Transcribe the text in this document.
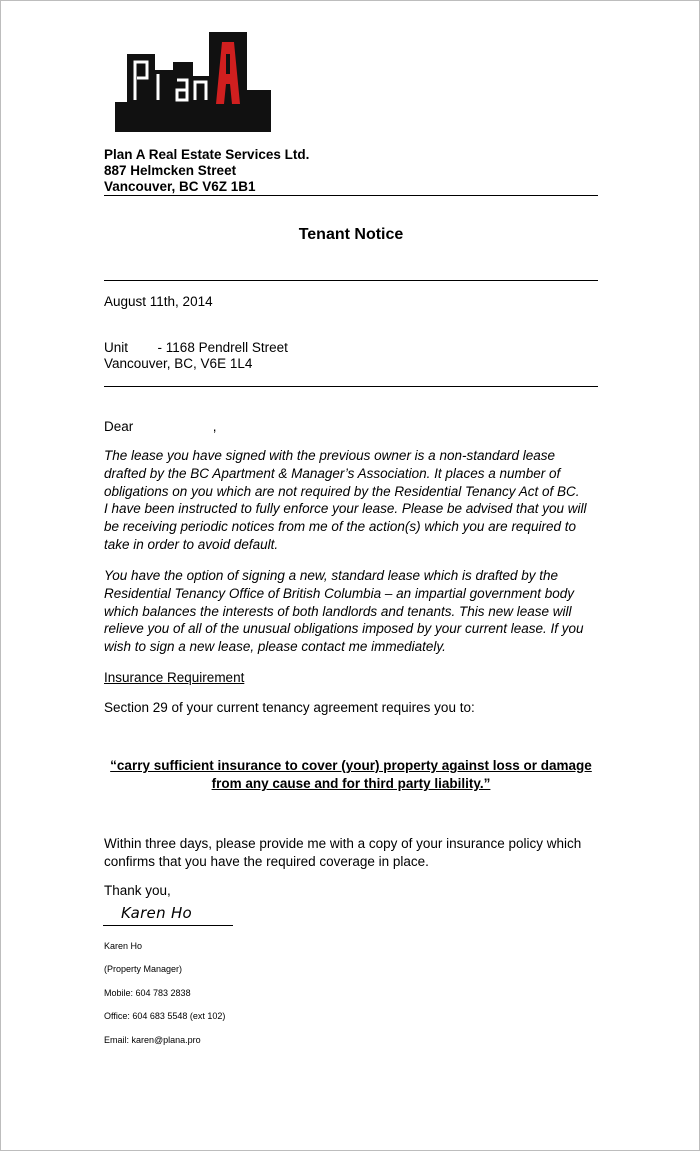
Plan A Real Estate Services Ltd.
887 Helmcken Street
Vancouver, BC V6Z 1B1
Tenant Notice
August 11th, 2014
Unit - 1168 Pendrell Street
Vancouver, BC, V6E 1L4
Dear	,
The lease you have signed with the previous owner is a non-standard lease
drafted by the BC Apartment & Manager’s Association. It places a number of
obligations on you which are not required by the Residential Tenancy Act of BC.
I have been instructed to fully enforce your lease. Please be advised that you will
be receiving periodic notices from me of the action(s) which you are required to
take in order to avoid default.
You have the option of signing a new, standard lease which is drafted by the
Residential Tenancy Office of British Columbia – an impartial government body
which balances the interests of both landlords and tenants. This new lease will
relieve you of all of the unusual obligations imposed by your current lease. If you
wish to sign a new lease, please contact me immediately.
Insurance Requirement
Section 29 of your current tenancy agreement requires you to:
“carry sufficient insurance to cover (your) property against loss or damage
from any cause and for third party liability.”
Within three days, please provide me with a copy of your insurance policy which
confirms that you have the required coverage in place.
Thank you,
Karen Ho
Karen Ho
(Property Manager)
Mobile: 604 783 2838
Office: 604 683 5548 (ext 102)
Email: karen@plana.pro
